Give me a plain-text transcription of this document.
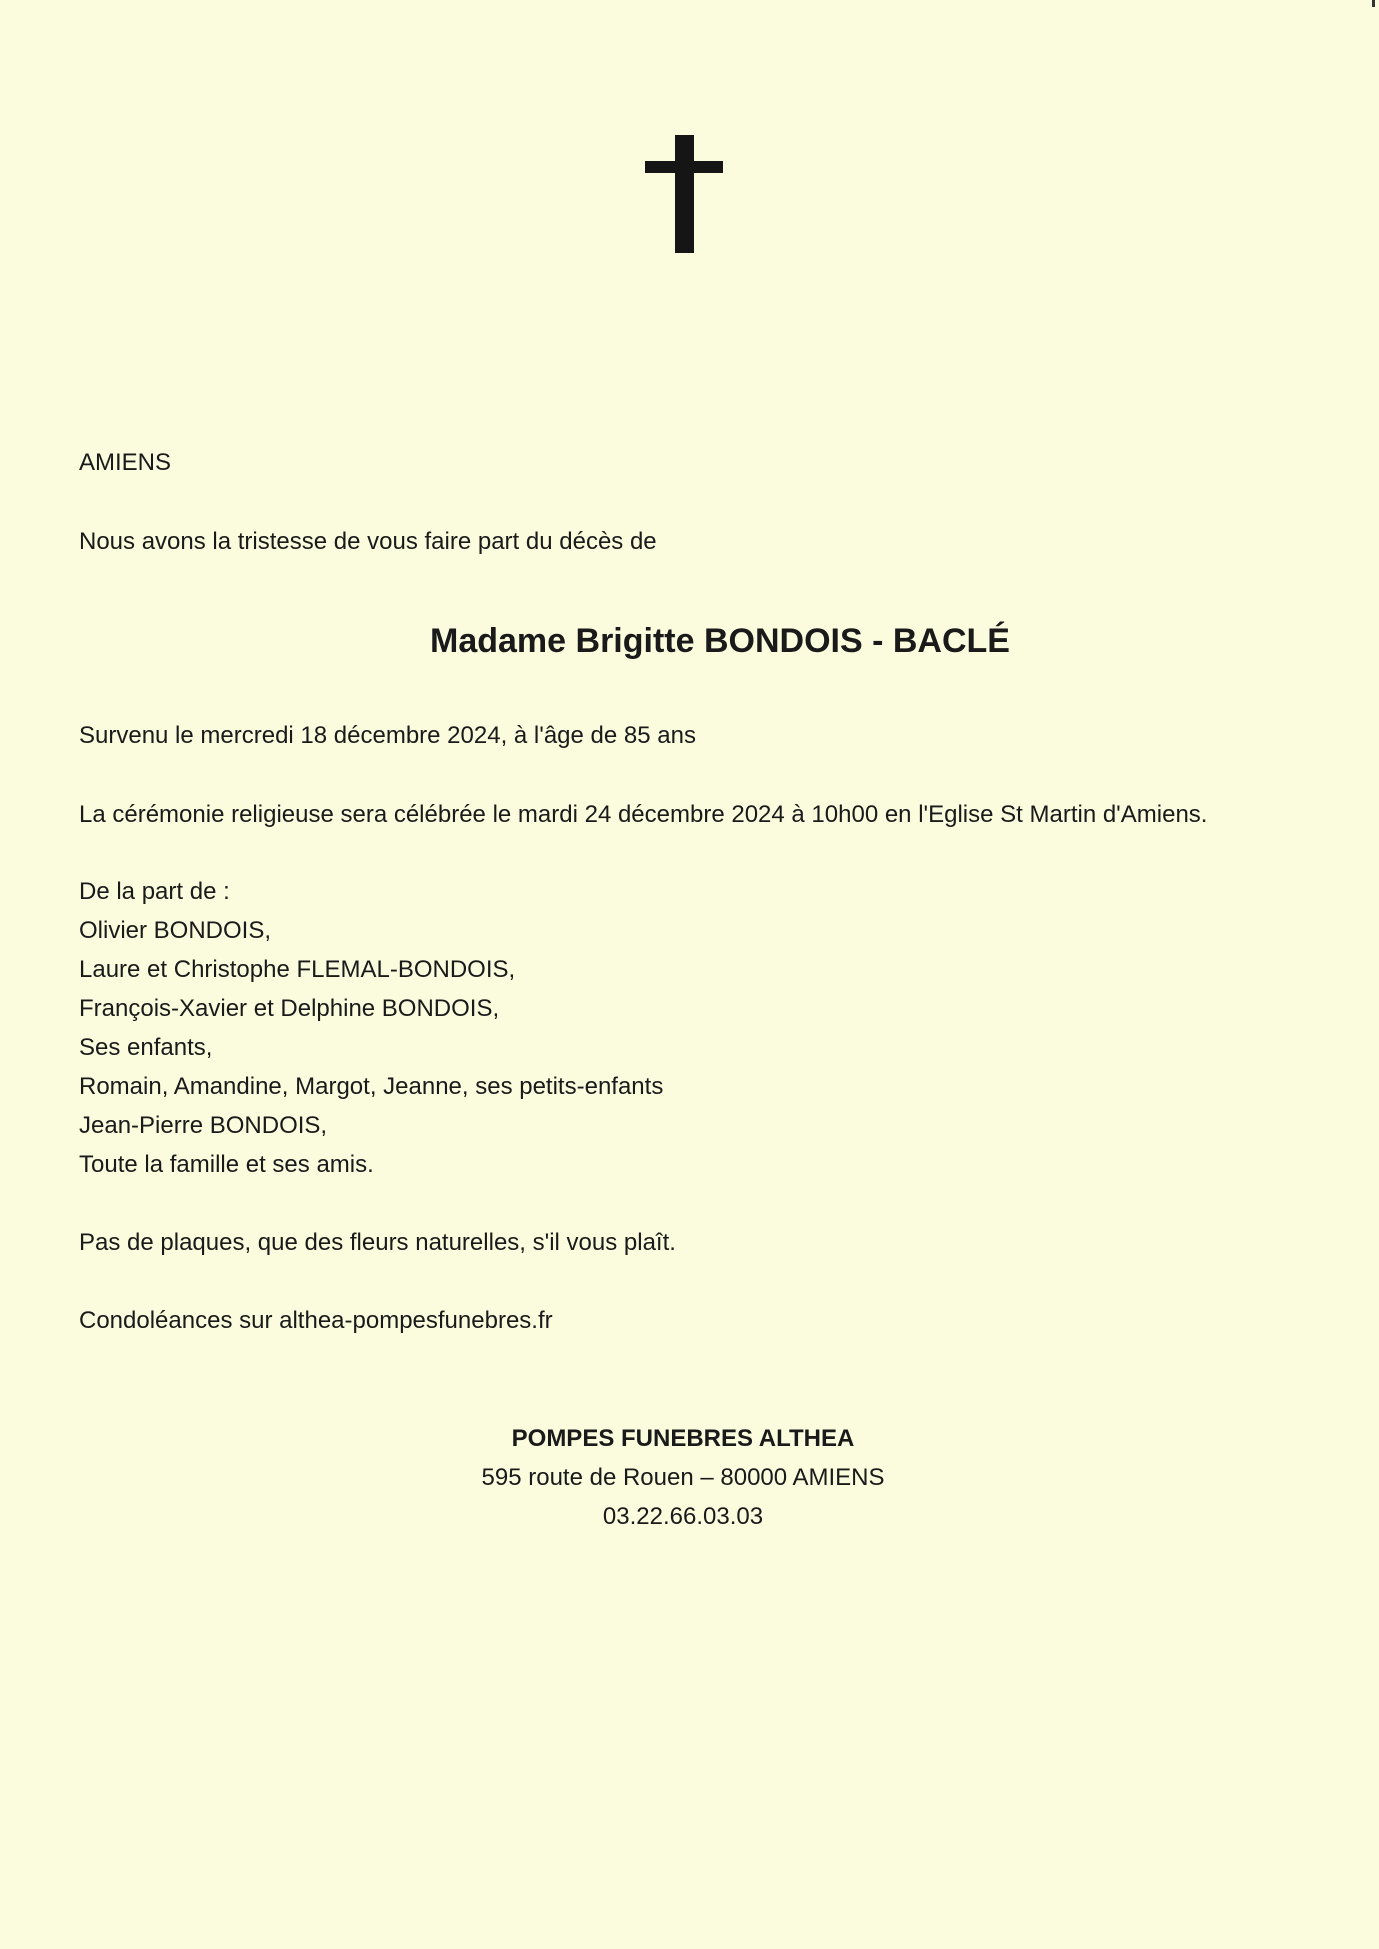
AMIENS
Nous avons la tristesse de vous faire part du décès de
Madame Brigitte BONDOIS - BACLÉ
Survenu le mercredi 18 décembre 2024, à l'âge de 85 ans
La cérémonie religieuse sera célébrée le mardi 24 décembre 2024 à 10h00 en l'Eglise St Martin d'Amiens.
De la part de :
Olivier BONDOIS,
Laure et Christophe FLEMAL-BONDOIS,
François-Xavier et Delphine BONDOIS,
Ses enfants,
Romain, Amandine, Margot, Jeanne, ses petits-enfants
Jean-Pierre BONDOIS,
Toute la famille et ses amis.
Pas de plaques, que des fleurs naturelles, s'il vous plaît.
Condoléances sur althea-pompesfunebres.fr
POMPES FUNEBRES ALTHEA
595 route de Rouen – 80000 AMIENS
03.22.66.03.03
